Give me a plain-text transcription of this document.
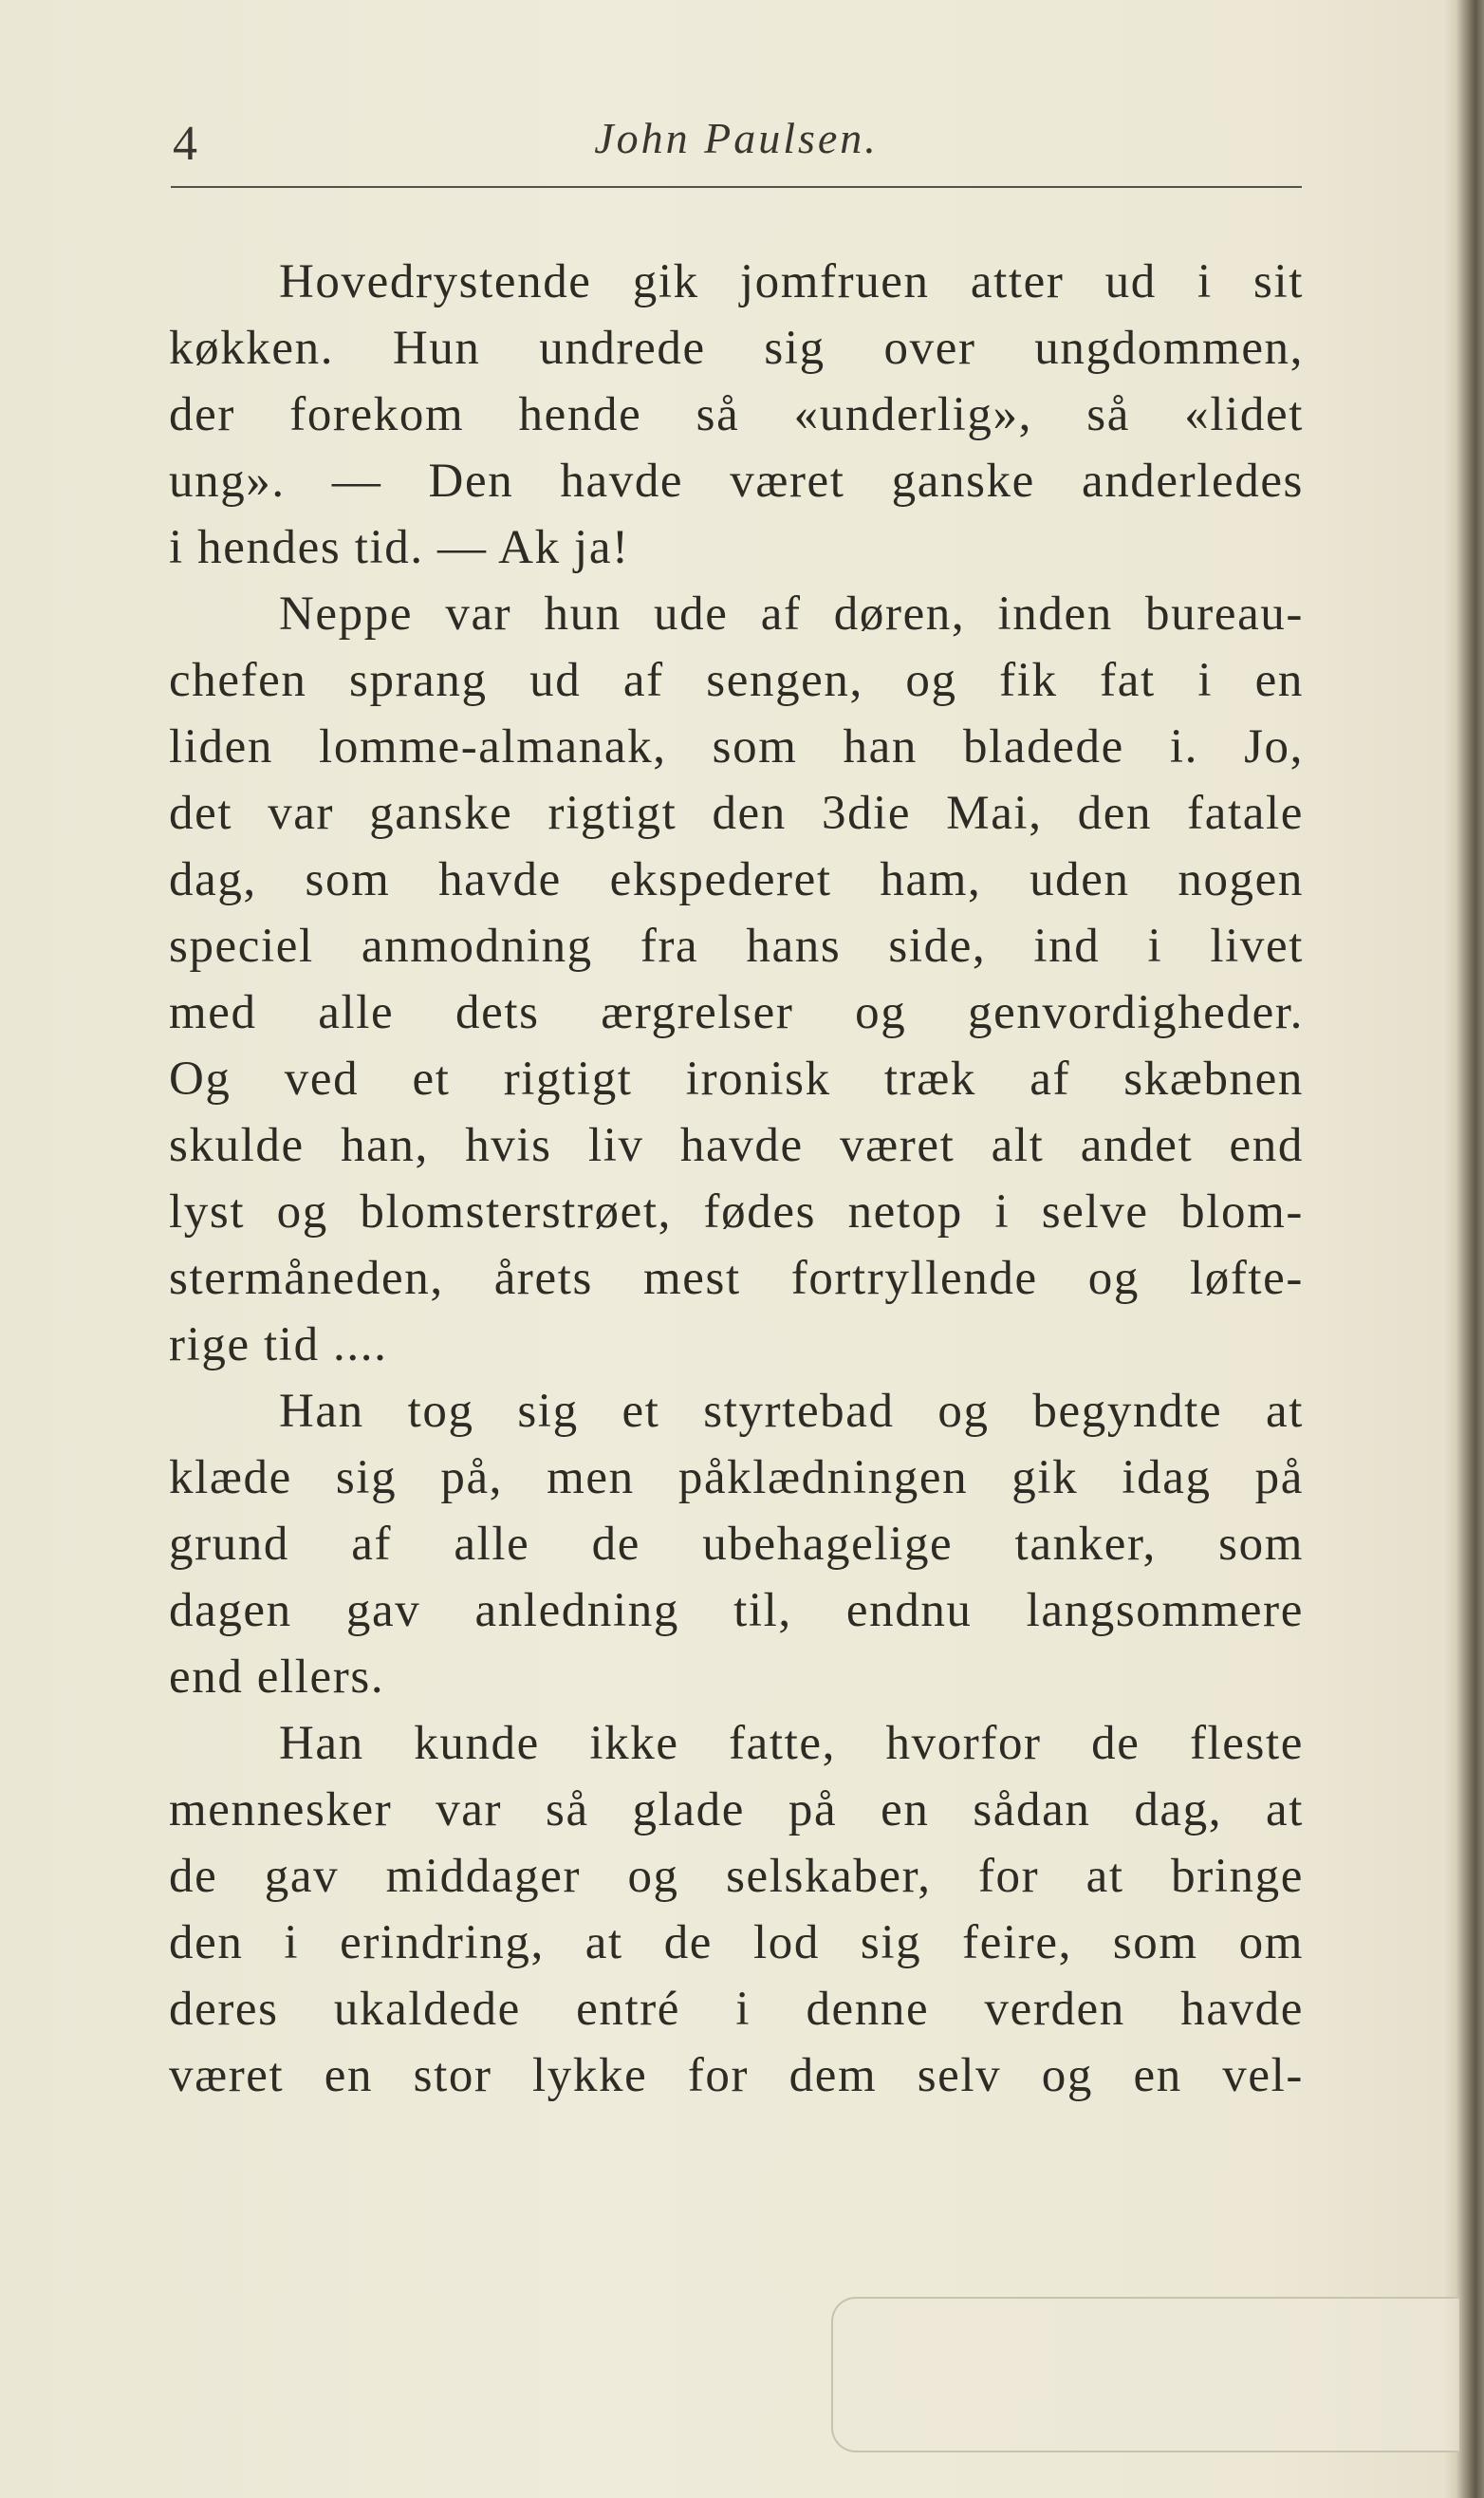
4	John Paulsen.
Hovedrystende gik jomfruen atter ud i sit
køkken. Hun undrede sig over ungdommen,
der forekom hende så «underlig», så «lidet
ung». — Den havde været ganske anderledes
i hendes tid. — Ak ja!
Neppe var hun ude af døren, inden bureau-
chefen sprang ud af sengen, og fik fat i en
liden lomme-almanak, som han bladede i. Jo,
det var ganske rigtigt den 3die Mai, den fatale
dag, som havde ekspederet ham, uden nogen
speciel anmodning fra hans side, ind i livet
med alle dets ærgrelser og genvordigheder.
Og ved et rigtigt ironisk træk af skæbnen
skulde han, hvis liv havde været alt andet end
lyst og blomsterstrøet, fødes netop i selve blom-
stermåneden, årets mest fortryllende og løfte-
rige tid ....
Han tog sig et styrtebad og begyndte at
klæde sig på, men påklædningen gik idag på
grund af alle de ubehagelige tanker, som
dagen gav anledning til, endnu langsommere
end ellers.
Han kunde ikke fatte, hvorfor de fleste
mennesker var så glade på en sådan dag, at
de gav middager og selskaber, for at bringe
den i erindring, at de lod sig feire, som om
deres ukaldede entré i denne verden havde
været en stor lykke for dem selv og en vel-
